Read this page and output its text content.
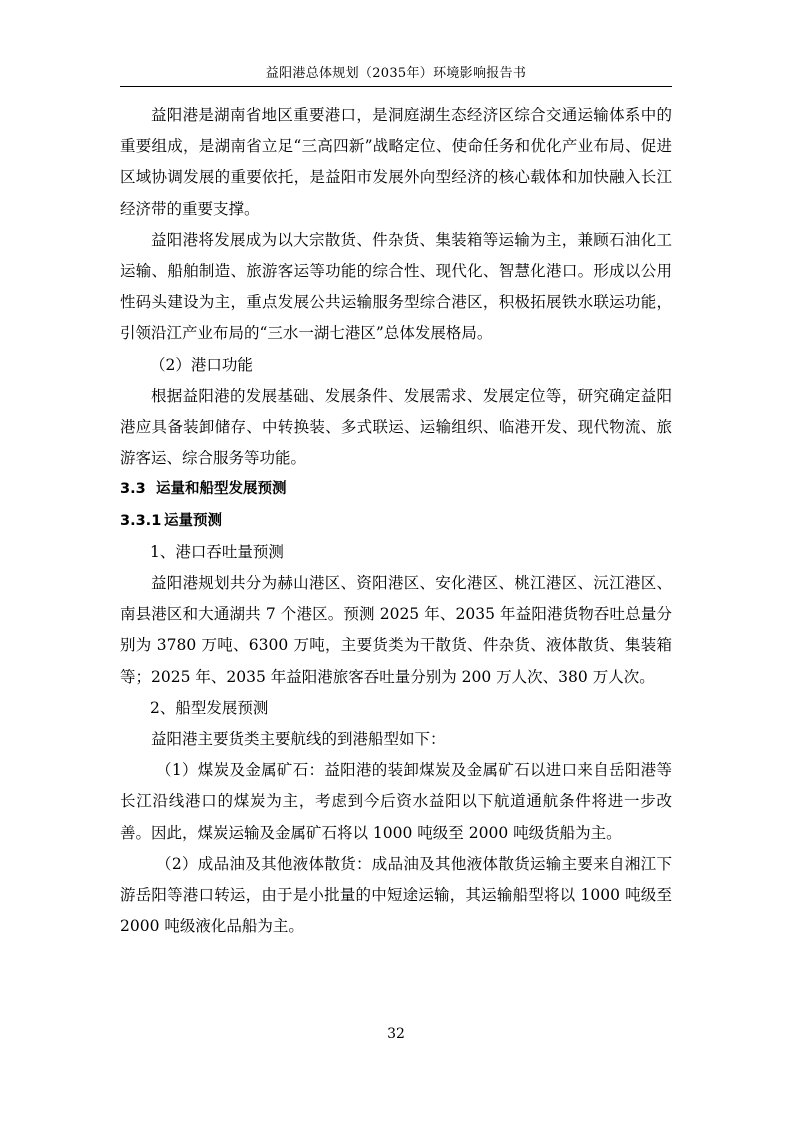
益阳港总体规划（2035年）环境影响报告书

益阳港是湖南省地区重要港口，是洞庭湖生态经济区综合交通运输体系中的重要组成，是湖南省立足“三高四新”战略定位、使命任务和优化产业布局、促进区域协调发展的重要依托，是益阳市发展外向型经济的核心载体和加快融入长江经济带的重要支撑。

益阳港将发展成为以大宗散货、件杂货、集装箱等运输为主，兼顾石油化工运输、船舶制造、旅游客运等功能的综合性、现代化、智慧化港口。形成以公用性码头建设为主，重点发展公共运输服务型综合港区，积极拓展铁水联运功能，引领沿江产业布局的“三水一湖七港区”总体发展格局。

（2）港口功能

根据益阳港的发展基础、发展条件、发展需求、发展定位等，研究确定益阳港应具备装卸储存、中转换装、多式联运、运输组织、临港开发、现代物流、旅游客运、综合服务等功能。

3.3 运量和船型发展预测

3.3.1 运量预测

1、港口吞吐量预测

益阳港规划共分为赫山港区、资阳港区、安化港区、桃江港区、沅江港区、南县港区和大通湖共 7 个港区。预测 2025 年、2035 年益阳港货物吞吐总量分别为 3780 万吨、6300 万吨，主要货类为干散货、件杂货、液体散货、集装箱等；2025 年、2035 年益阳港旅客吞吐量分别为 200 万人次、380 万人次。

2、船型发展预测

益阳港主要货类主要航线的到港船型如下：

（1）煤炭及金属矿石：益阳港的装卸煤炭及金属矿石以进口来自岳阳港等长江沿线港口的煤炭为主，考虑到今后资水益阳以下航道通航条件将进一步改善。因此，煤炭运输及金属矿石将以 1000 吨级至 2000 吨级货船为主。

（2）成品油及其他液体散货：成品油及其他液体散货运输主要来自湘江下游岳阳等港口转运，由于是小批量的中短途运输，其运输船型将以 1000 吨级至 2000 吨级液化品船为主。

32
